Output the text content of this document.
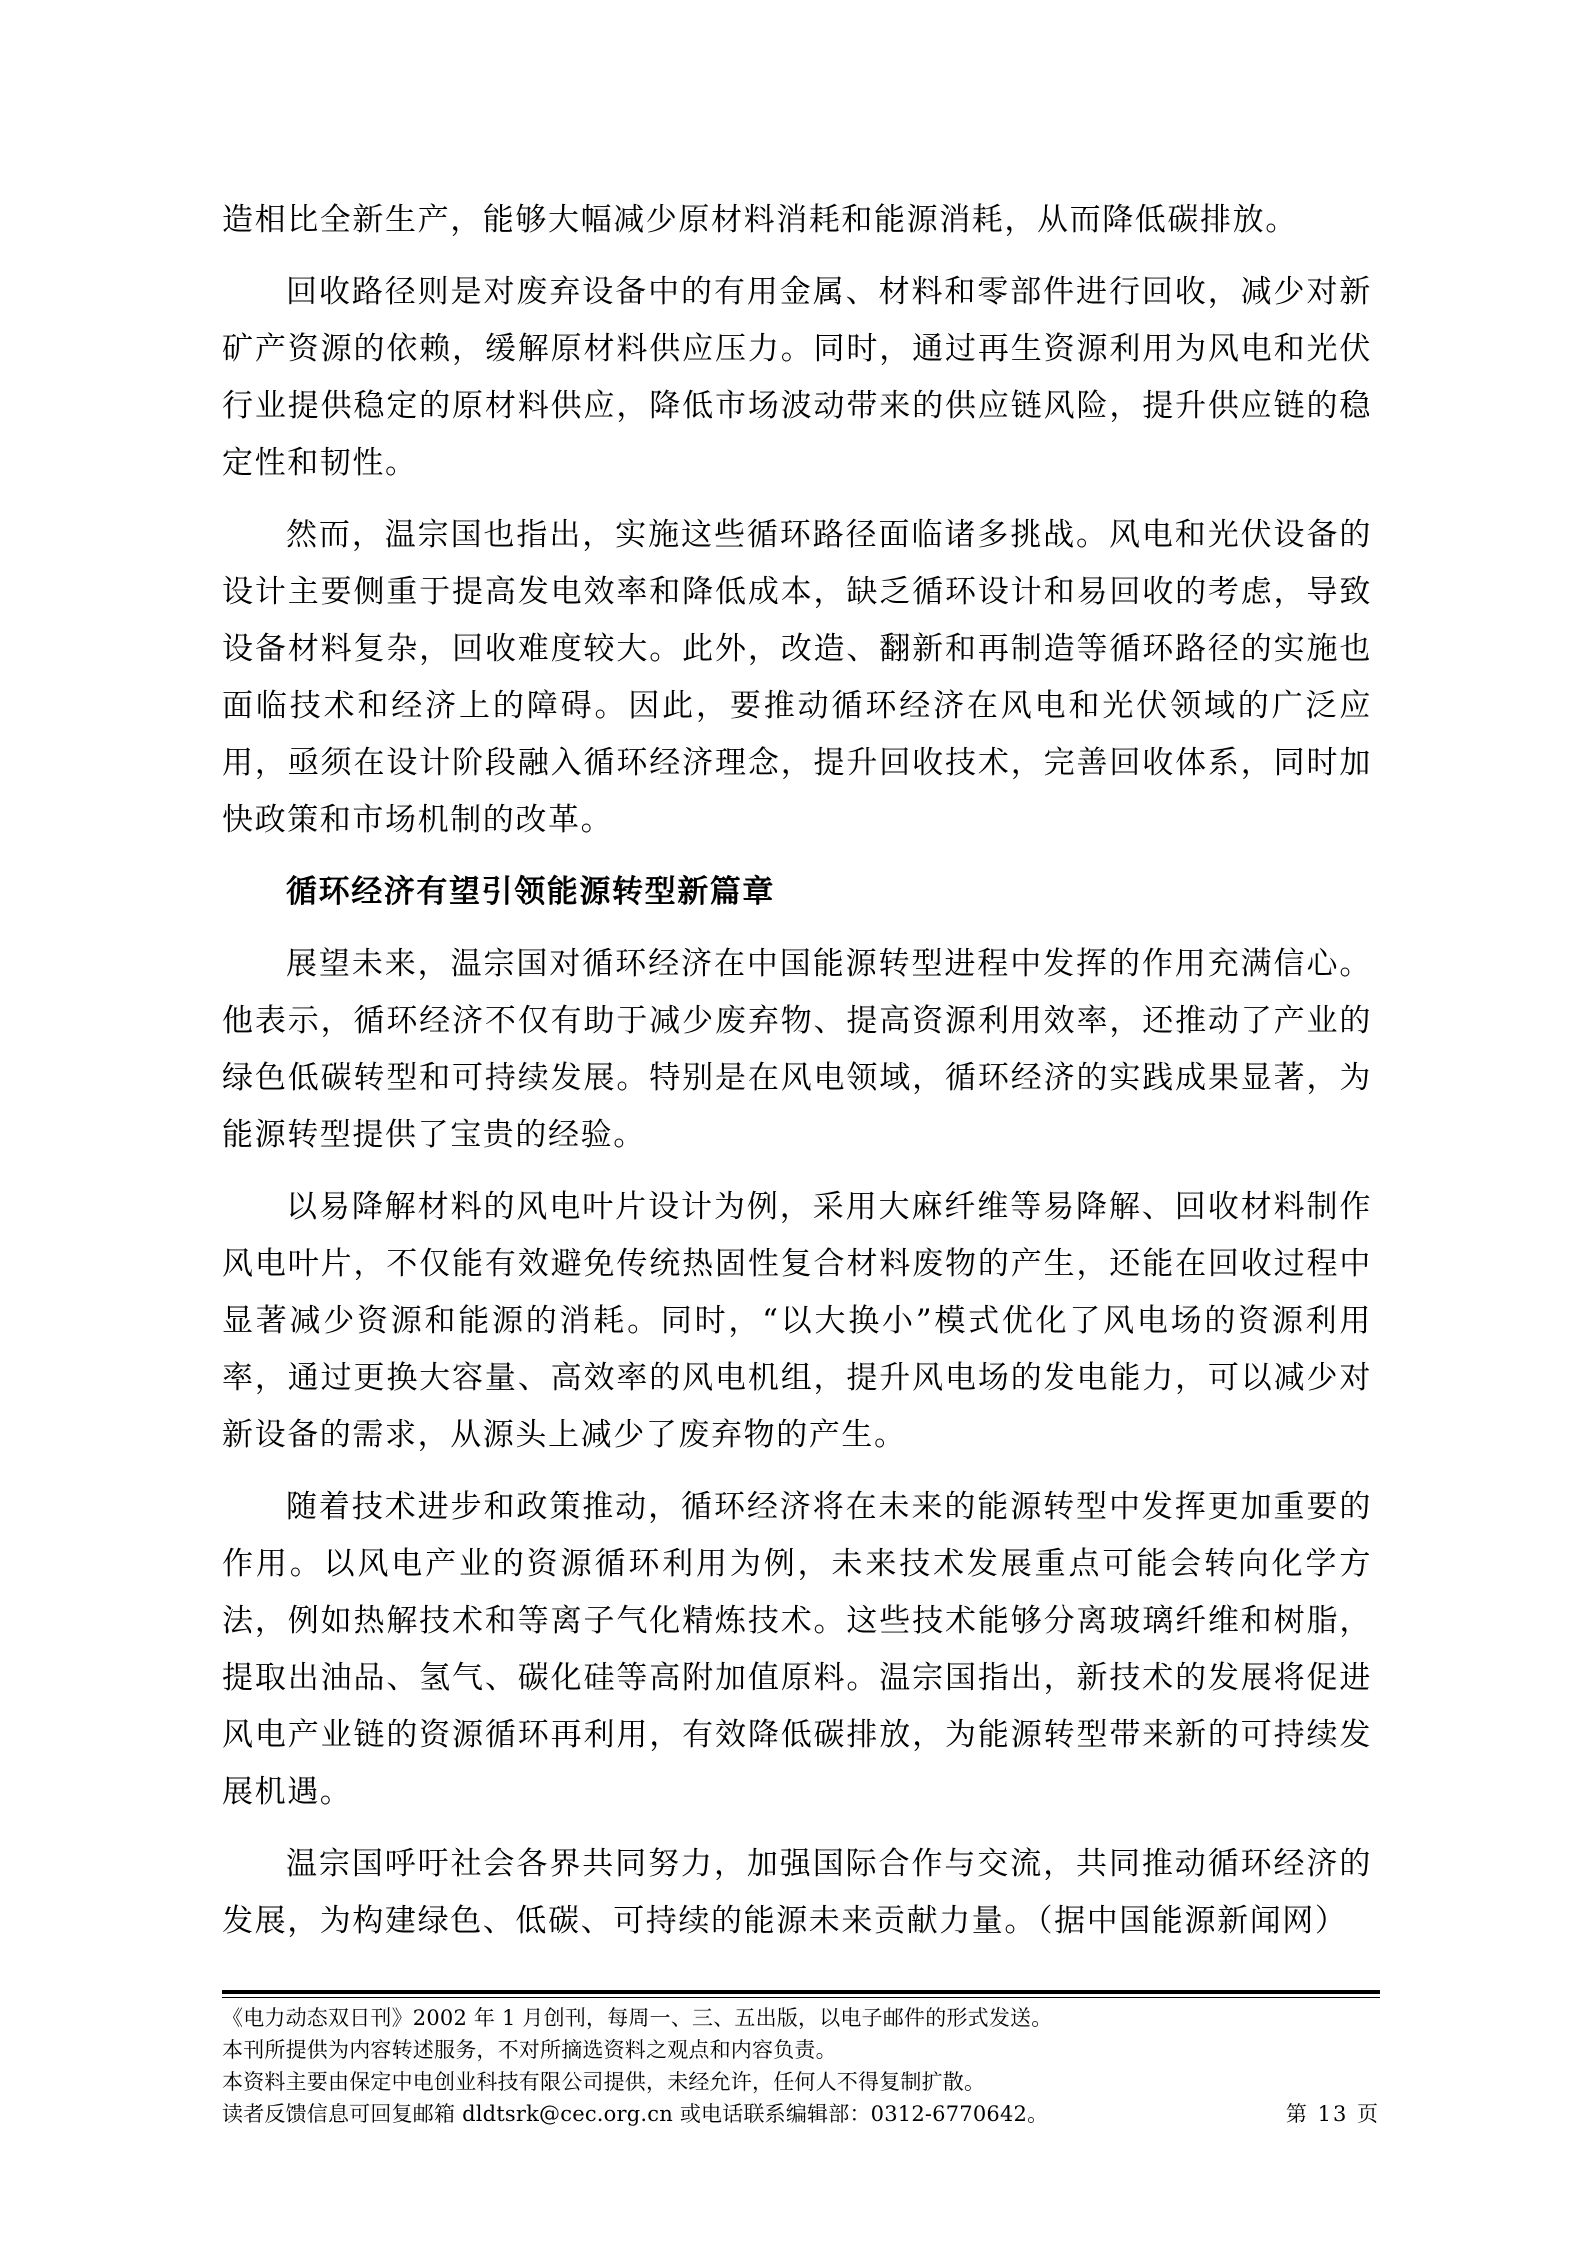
造相比全新生产，能够大幅减少原材料消耗和能源消耗，从而降低碳排放。

回收路径则是对废弃设备中的有用金属、材料和零部件进行回收，减少对新矿产资源的依赖，缓解原材料供应压力。同时，通过再生资源利用为风电和光伏行业提供稳定的原材料供应，降低市场波动带来的供应链风险，提升供应链的稳定性和韧性。

然而，温宗国也指出，实施这些循环路径面临诸多挑战。风电和光伏设备的设计主要侧重于提高发电效率和降低成本，缺乏循环设计和易回收的考虑，导致设备材料复杂，回收难度较大。此外，改造、翻新和再制造等循环路径的实施也面临技术和经济上的障碍。因此，要推动循环经济在风电和光伏领域的广泛应用，亟须在设计阶段融入循环经济理念，提升回收技术，完善回收体系，同时加快政策和市场机制的改革。

循环经济有望引领能源转型新篇章

展望未来，温宗国对循环经济在中国能源转型进程中发挥的作用充满信心。他表示，循环经济不仅有助于减少废弃物、提高资源利用效率，还推动了产业的绿色低碳转型和可持续发展。特别是在风电领域，循环经济的实践成果显著，为能源转型提供了宝贵的经验。

以易降解材料的风电叶片设计为例，采用大麻纤维等易降解、回收材料制作风电叶片，不仅能有效避免传统热固性复合材料废物的产生，还能在回收过程中显著减少资源和能源的消耗。同时，“以大换小”模式优化了风电场的资源利用率，通过更换大容量、高效率的风电机组，提升风电场的发电能力，可以减少对新设备的需求，从源头上减少了废弃物的产生。

随着技术进步和政策推动，循环经济将在未来的能源转型中发挥更加重要的作用。以风电产业的资源循环利用为例，未来技术发展重点可能会转向化学方法，例如热解技术和等离子气化精炼技术。这些技术能够分离玻璃纤维和树脂，提取出油品、氢气、碳化硅等高附加值原料。温宗国指出，新技术的发展将促进风电产业链的资源循环再利用，有效降低碳排放，为能源转型带来新的可持续发展机遇。

温宗国呼吁社会各界共同努力，加强国际合作与交流，共同推动循环经济的发展，为构建绿色、低碳、可持续的能源未来贡献力量。（据中国能源新闻网）

《电力动态双日刊》2002 年 1 月创刊，每周一、三、五出版，以电子邮件的形式发送。
本刊所提供为内容转述服务，不对所摘选资料之观点和内容负责。
本资料主要由保定中电创业科技有限公司提供，未经允许，任何人不得复制扩散。
读者反馈信息可回复邮箱 dldtsrk@cec.org.cn 或电话联系编辑部：0312-6770642。	第 13 页
